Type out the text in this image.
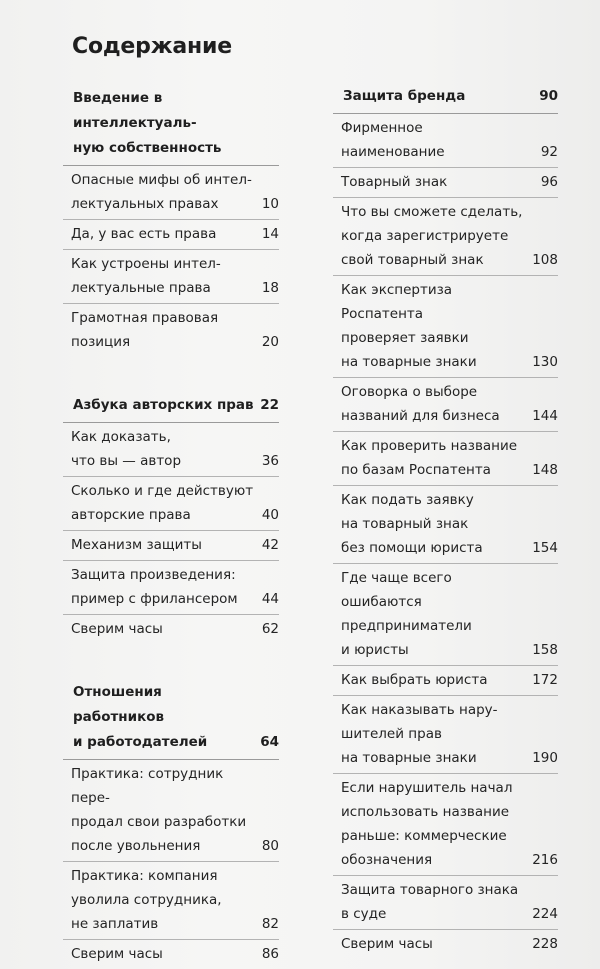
Содержание
Введение в интеллектуаль-
ную собственность
Опасные мифы об интел-
лектуальных правах	10
Да, у вас есть права	14
Как устроены интел-
лектуальные права	18
Грамотная правовая
позиция	20
Азбука авторских прав 22
Как доказать,
что вы — автор	36
Сколько и где действуют
авторские права	40
Механизм защиты	42
Защита произведения:
пример с фрилансером	44
Сверим часы	62
Отношения работников
и работодателей	64
Практика: сотрудник пере-
продал свои разработки
после увольнения	80
Практика: компания
уволила сотрудника,
не заплатив	82
Сверим часы	86
Защита бренда	90
Фирменное
наименование	92
Товарный знак	96
Что вы сможете сделать,
когда зарегистрируете
свой товарный знак	108
Как экспертиза Роспатента
проверяет заявки
на товарные знаки	130
Оговорка о выборе
названий для бизнеса	144
Как проверить название
по базам Роспатента	148
Как подать заявку
на товарный знак
без помощи юриста	154
Где чаще всего ошибаются
предприниматели
и юристы	158
Как выбрать юриста	172
Как наказывать нару-
шителей прав
на товарные знаки	190
Если нарушитель начал
использовать название
раньше: коммерческие
обозначения	216
Защита товарного знака
в суде	224
Сверим часы	228
